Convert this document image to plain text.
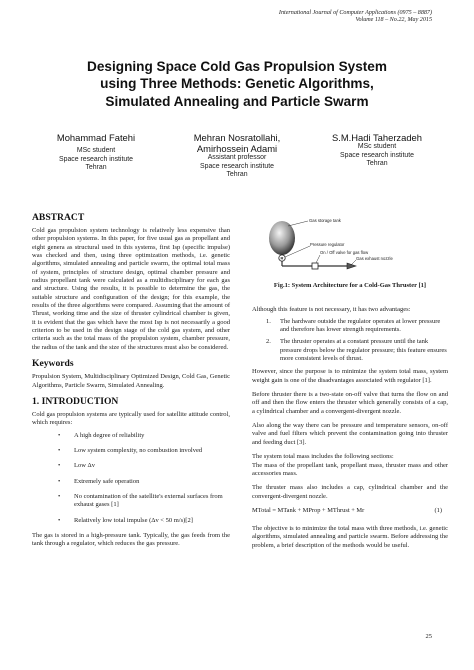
International Journal of Computer Applications (0975 – 8887)
Volume 118 – No.22, May 2015
Designing Space Cold Gas Propulsion System
using Three Methods: Genetic Algorithms,
Simulated Annealing and Particle Swarm
Mohammad Fatehi
MSc student
Space research institute
Tehran
Mehran Nosratollahi,
Amirhossein Adami
Assistant professor
Space research institute
Tehran
S.M.Hadi Taherzadeh
MSc student
Space research institute
Tehran
ABSTRACT

Cold gas propulsion system technology is relatively less expensive than other propulsion systems. In this paper, for five usual gas as propellant and eight genera as structural used in this systems, first Isp (specific impulse) was checked and then, using three optimization methods, i.e. genetic algorithms, simulated annealing and particle swarm, the optimal total mass of system, principles of structure design, optimal chamber pressure and radius propellant tank were calculated as a multidisciplinary for each gas and structure. Using the results, it is possible to determine the gas, the suitable structure and configuration of the design; for this example, the results of the three algorithms were compared. Assuming that the amount of Thrust, working time and the size of thruster cylindrical chamber is given, it is evident that the gas which have the most Isp is not necessarily a good criterion to be used in the design stage of the cold gas system, and other criteria such as the total mass of the propulsion system, chamber pressure, the radius of the tank and the size of the structures must also be considered.

Keywords

Propulsion System, Multidisciplinary Optimized Design, Cold Gas, Genetic Algorithms, Particle Swarm, Simulated Annealing.

1. INTRODUCTION

Cold gas propulsion systems are typically used for satellite attitude control, which requires:

• A high degree of reliability
• Low system complexity, no combustion involved
• Low Δv
• Extremely safe operation
• No contamination of the satellite's external surfaces from exhaust gases [1]
• Relatively low total impulse (Δv < 50 m/s)[2]

The gas is stored in a high-pressure tank. Typically, the gas feeds from the tank through a regulator, which reduces the gas pressure.

Gas storage tank
Pressure regulator
On / Off valve for gas flow
Gas exhaust nozzle
R
Fig.1: System Architecture for a Cold-Gas Thruster [1]

Although this feature is not necessary, it has two advantages:

1. The hardware outside the regulator operates at lower pressure and therefore has lower strength requirements.
2. The thruster operates at a constant pressure until the tank pressure drops below the regulator pressure; this feature ensures more consistent levels of thrust.

However, since the purpose is to minimize the system total mass, system weight gain is one of the disadvantages associated with regulator [1].

Before thruster there is a two-state on-off valve that turns the flow on and off and then the flow enters the thruster which generally consists of a cap, a cylindrical chamber and a convergent-divergent nozzle.

Also along the way there can be pressure and temperature sensors, on-off valve and fuel filters which prevent the contamination going into thruster and feeding duct [3].

The system total mass includes the following sections:

The mass of the propellant tank, propellant mass, thruster mass and other accessories mass.

The thruster mass also includes a cap, cylindrical chamber and the convergent-divergent nozzle.

MTotal = MTank + MProp + MThrust + Mr	(1)

The objective is to minimize the total mass with three methods, i.e. genetic algorithms, simulated annealing and particle swarm. Before addressing the problem, a brief description of the methods would be useful.

25
